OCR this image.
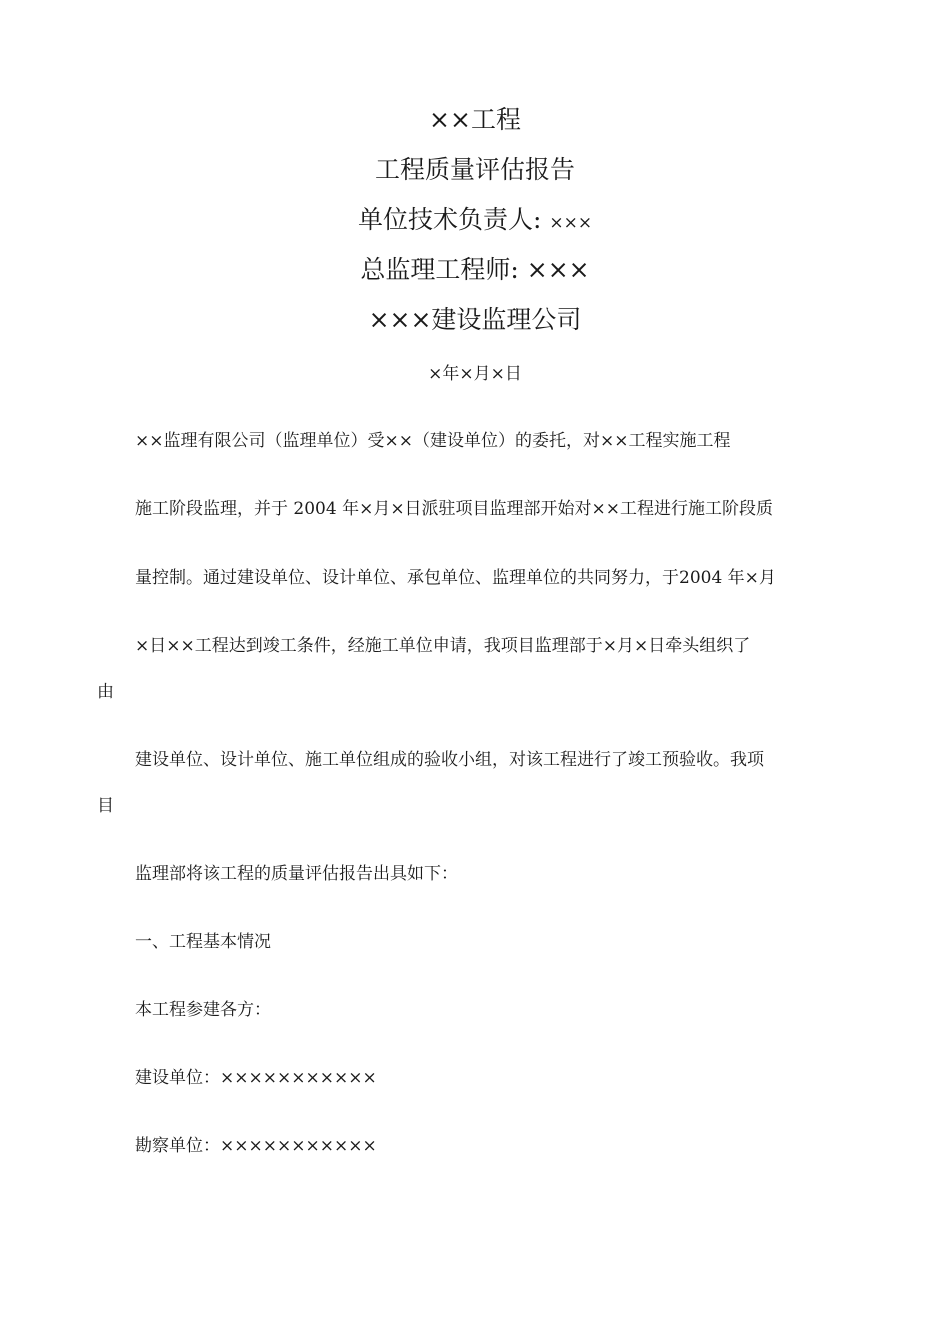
××工程

工程质量评估报告

单位技术负责人: ×××

总监理工程师: ×××

×××建设监理公司

×年×月×日

××监理有限公司（监理单位）受××（建设单位）的委托，对××工程实施工程

施工阶段监理，并于 2004 年×月×日派驻项目监理部开始对××工程进行施工阶段质

量控制。通过建设单位、设计单位、承包单位、监理单位的共同努力，于2004 年×月

×日××工程达到竣工条件，经施工单位申请，我项目监理部于×月×日牵头组织了

由

建设单位、设计单位、施工单位组成的验收小组，对该工程进行了竣工预验收。我项

目

监理部将该工程的质量评估报告出具如下：

一、工程基本情况

本工程参建各方：

建设单位：×××××××××××

勘察单位：×××××××××××
